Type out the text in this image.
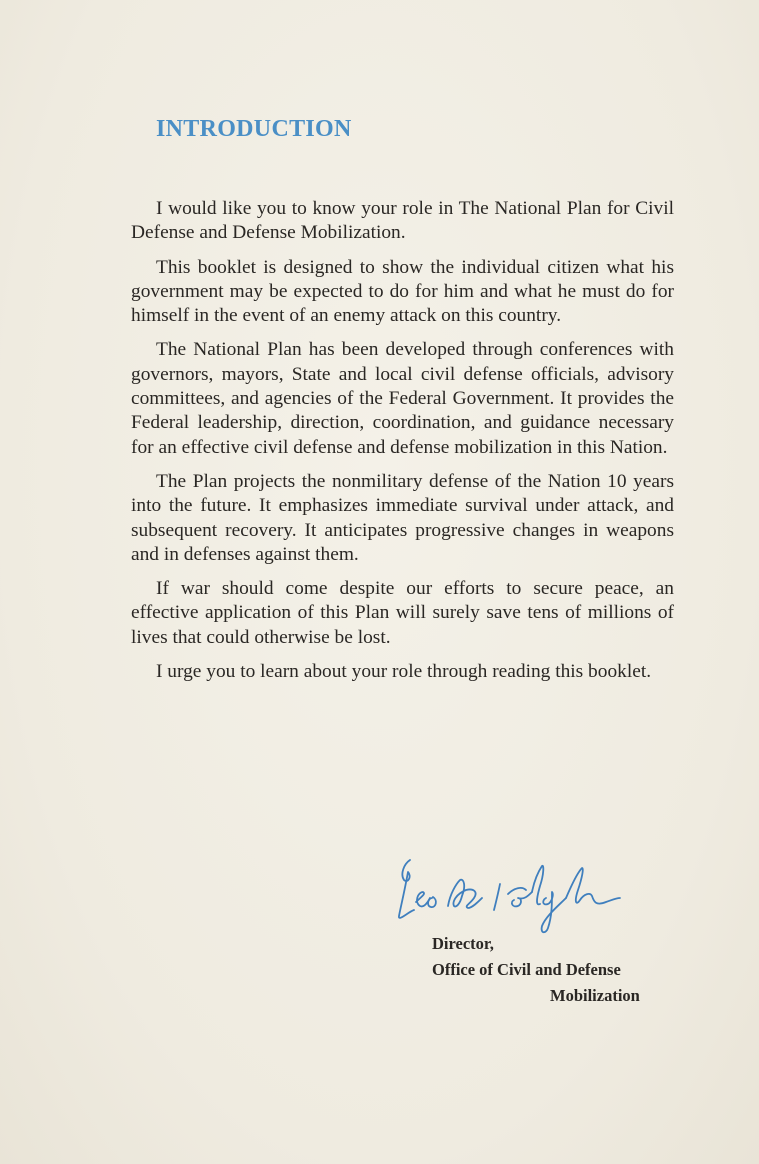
INTRODUCTION

I would like you to know your role in The National Plan for Civil Defense and Defense Mobilization.

This booklet is designed to show the individual citizen what his government may be expected to do for him and what he must do for himself in the event of an enemy attack on this country.

The National Plan has been developed through conferences with governors, mayors, State and local civil defense officials, advisory committees, and agencies of the Federal Government. It provides the Federal leadership, direction, coordination, and guidance necessary for an effective civil defense and defense mobilization in this Nation.

The Plan projects the nonmilitary defense of the Nation 10 years into the future. It emphasizes immediate survival under attack, and subsequent recovery. It anticipates progressive changes in weapons and in defenses against them.

If war should come despite our efforts to secure peace, an effective application of this Plan will surely save tens of millions of lives that could otherwise be lost.

I urge you to learn about your role through reading this booklet.

Director,
Office of Civil and Defense
Mobilization
